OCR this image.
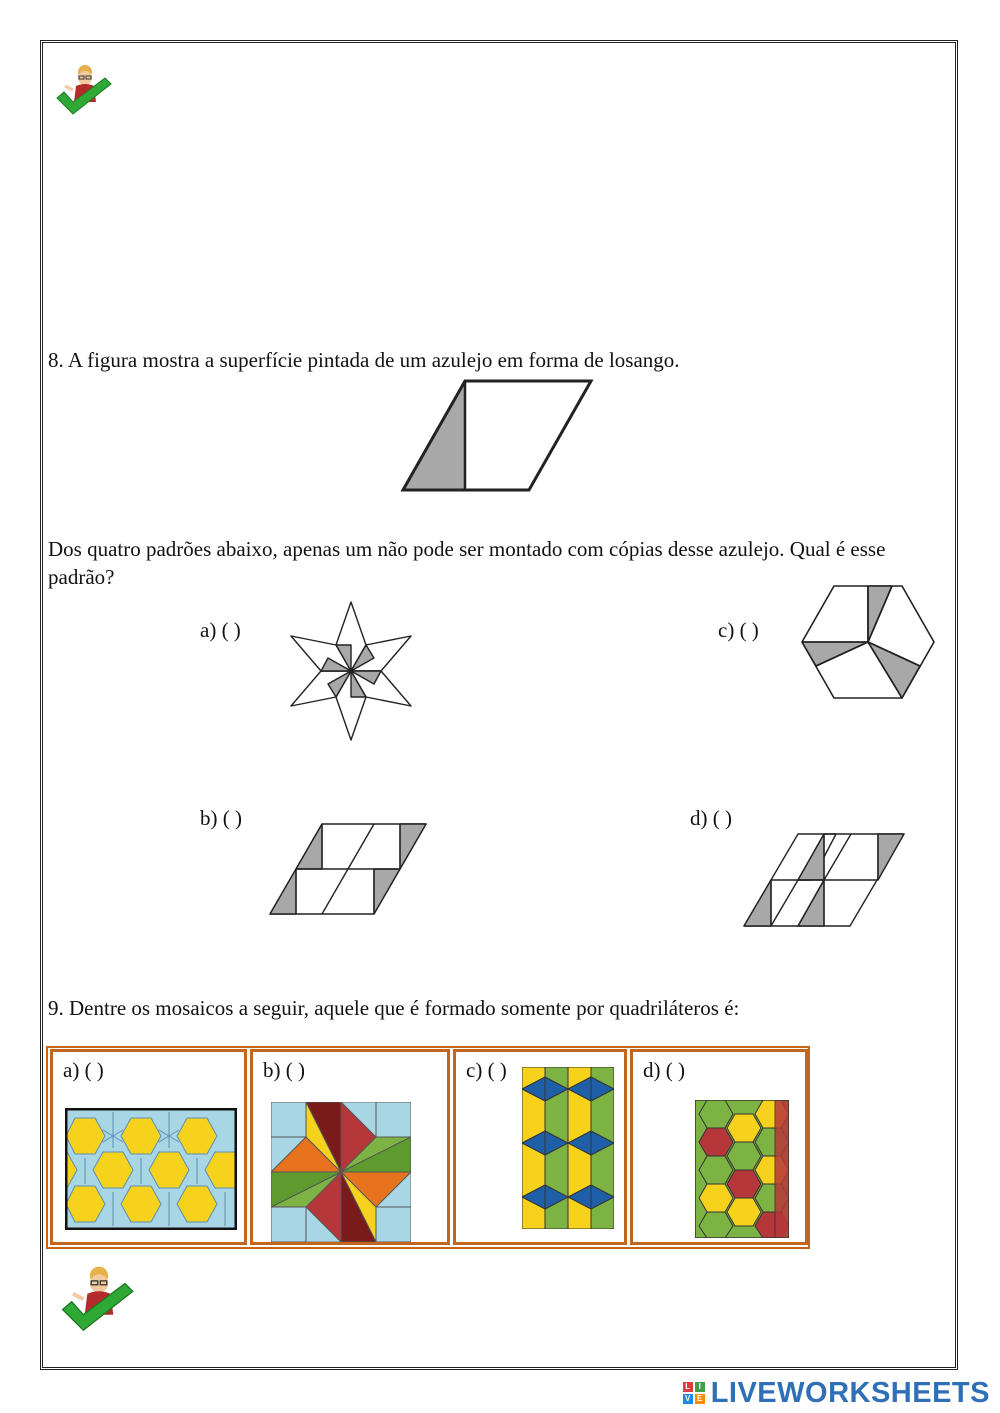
8. A figura mostra a superfície pintada de um azulejo em forma de losango.
Dos quatro padrões abaixo, apenas um não pode ser montado com cópias desse azulejo. Qual é esse padrão?
a) ( )	c) ( )
b) ( )	d) ( )
9. Dentre os mosaicos a seguir, aquele que é formado somente por quadriláteros é:
a) ( )	b) ( )	c) ( )	d) ( )
L	I
V E LIVEWORKSHEETS
